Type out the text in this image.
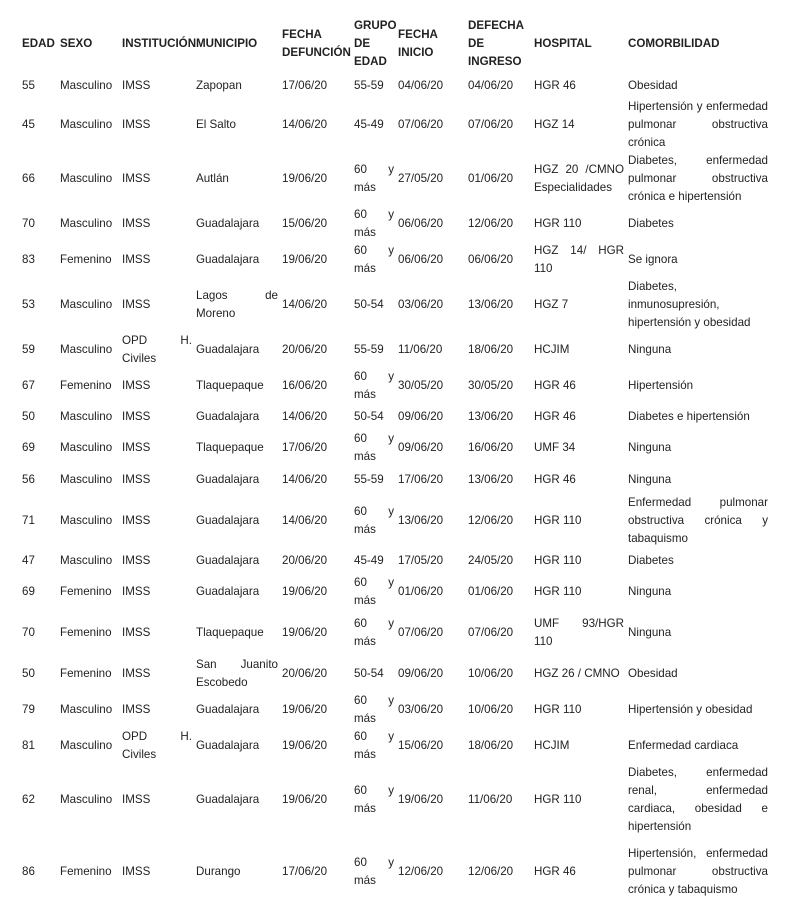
EDAD	SEXO	INSTITUCIÓN	MUNICIPIO	FECHA DEFUNCIÓN	GRUPO DE EDAD	FECHA INICIO	DEFECHA DE INGRESO	HOSPITAL	COMORBILIDAD
55	Masculino	IMSS	Zapopan	17/06/20	55-59	04/06/20	04/06/20	HGR 46	Obesidad
45	Masculino	IMSS	El Salto	14/06/20	45-49	07/06/20	07/06/20	HGZ 14	Hipertensión y enfermedad pulmonar obstructiva crónica
66	Masculino	IMSS	Autlán	19/06/20	60 y más	27/05/20	01/06/20	HGZ 20 /CMNO Especialidades	Diabetes, enfermedad pulmonar obstructiva crónica e hipertensión
70	Masculino	IMSS	Guadalajara	15/06/20	60 y más	06/06/20	12/06/20	HGR 110	Diabetes
83	Femenino	IMSS	Guadalajara	19/06/20	60 y más	06/06/20	06/06/20	HGZ 14/ HGR 110	Se ignora
53	Masculino	IMSS	Lagos de Moreno	14/06/20	50-54	03/06/20	13/06/20	HGZ 7	Diabetes, inmunosupresión, hipertensión y obesidad
59	Masculino	OPD H. Civiles	Guadalajara	20/06/20	55-59	11/06/20	18/06/20	HCJIM	Ninguna
67	Femenino	IMSS	Tlaquepaque	16/06/20	60 y más	30/05/20	30/05/20	HGR 46	Hipertensión
50	Masculino	IMSS	Guadalajara	14/06/20	50-54	09/06/20	13/06/20	HGR 46	Diabetes e hipertensión
69	Masculino	IMSS	Tlaquepaque	17/06/20	60 y más	09/06/20	16/06/20	UMF 34	Ninguna
56	Masculino	IMSS	Guadalajara	14/06/20	55-59	17/06/20	13/06/20	HGR 46	Ninguna
71	Masculino	IMSS	Guadalajara	14/06/20	60 y más	13/06/20	12/06/20	HGR 110	Enfermedad pulmonar obstructiva crónica y tabaquismo
47	Masculino	IMSS	Guadalajara	20/06/20	45-49	17/05/20	24/05/20	HGR 110	Diabetes
69	Femenino	IMSS	Guadalajara	19/06/20	60 y más	01/06/20	01/06/20	HGR 110	Ninguna
70	Femenino	IMSS	Tlaquepaque	19/06/20	60 y más	07/06/20	07/06/20	UMF 93/HGR 110	Ninguna
50	Femenino	IMSS	San Juanito Escobedo	20/06/20	50-54	09/06/20	10/06/20	HGZ 26 / CMNO	Obesidad
79	Masculino	IMSS	Guadalajara	19/06/20	60 y más	03/06/20	10/06/20	HGR 110	Hipertensión y obesidad
81	Masculino	OPD H. Civiles	Guadalajara	19/06/20	60 y más	15/06/20	18/06/20	HCJIM	Enfermedad cardiaca
62	Masculino	IMSS	Guadalajara	19/06/20	60 y más	19/06/20	11/06/20	HGR 110	Diabetes, enfermedad renal, enfermedad cardiaca, obesidad e hipertensión
86	Femenino	IMSS	Durango	17/06/20	60 y más	12/06/20	12/06/20	HGR 46	Hipertensión, enfermedad pulmonar obstructiva crónica y tabaquismo
